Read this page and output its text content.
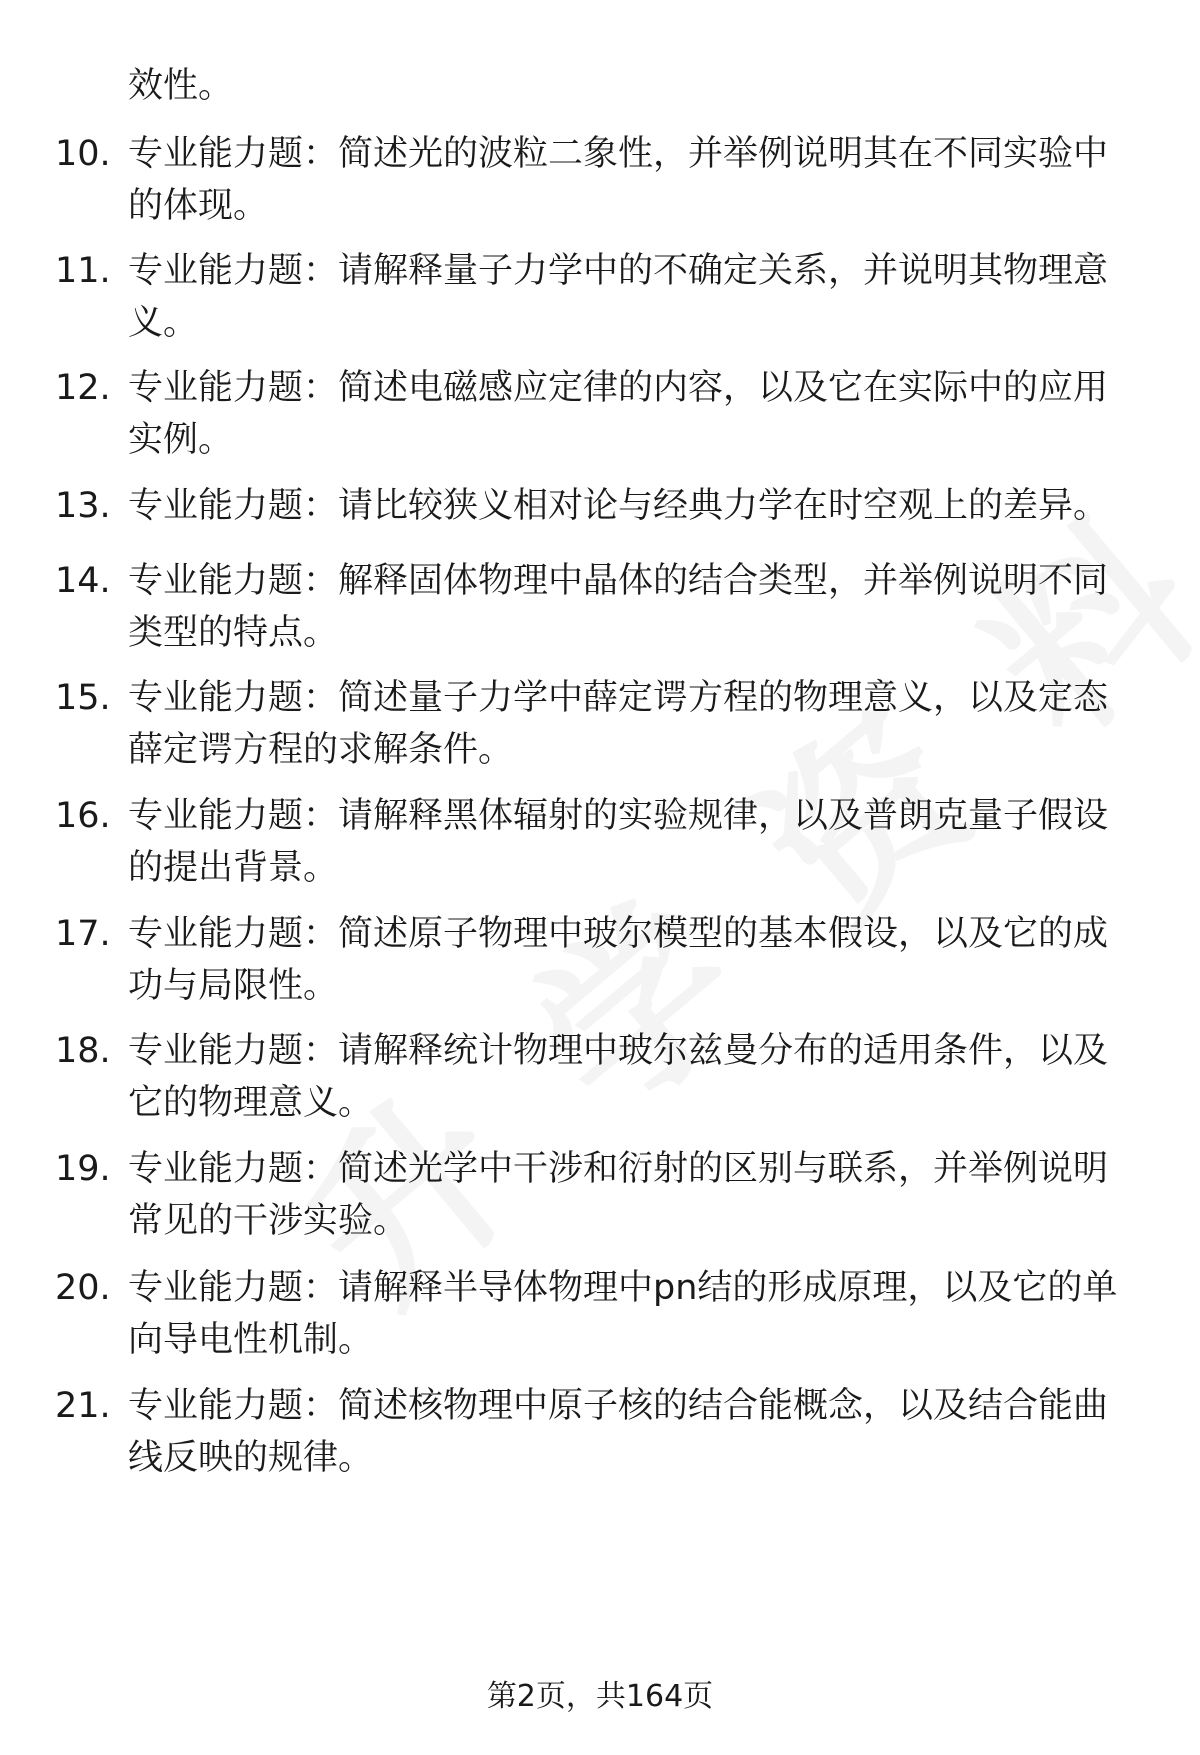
效性。

10. 专业能力题：简述光的波粒二象性，并举例说明其在不同实验中的体现。

11. 专业能力题：请解释量子力学中的不确定关系，并说明其物理意义。

12. 专业能力题：简述电磁感应定律的内容，以及它在实际中的应用实例。

13. 专业能力题：请比较狭义相对论与经典力学在时空观上的差异。

14. 专业能力题：解释固体物理中晶体的结合类型，并举例说明不同类型的特点。

15. 专业能力题：简述量子力学中薛定谔方程的物理意义，以及定态薛定谔方程的求解条件。

16. 专业能力题：请解释黑体辐射的实验规律，以及普朗克量子假设的提出背景。

17. 专业能力题：简述原子物理中玻尔模型的基本假设，以及它的成功与局限性。

18. 专业能力题：请解释统计物理中玻尔兹曼分布的适用条件，以及它的物理意义。

19. 专业能力题：简述光学中干涉和衍射的区别与联系，并举例说明常见的干涉实验。

20. 专业能力题：请解释半导体物理中pn结的形成原理，以及它的单向导电性机制。

21. 专业能力题：简述核物理中原子核的结合能概念，以及结合能曲线反映的规律。

第2页，共164页
